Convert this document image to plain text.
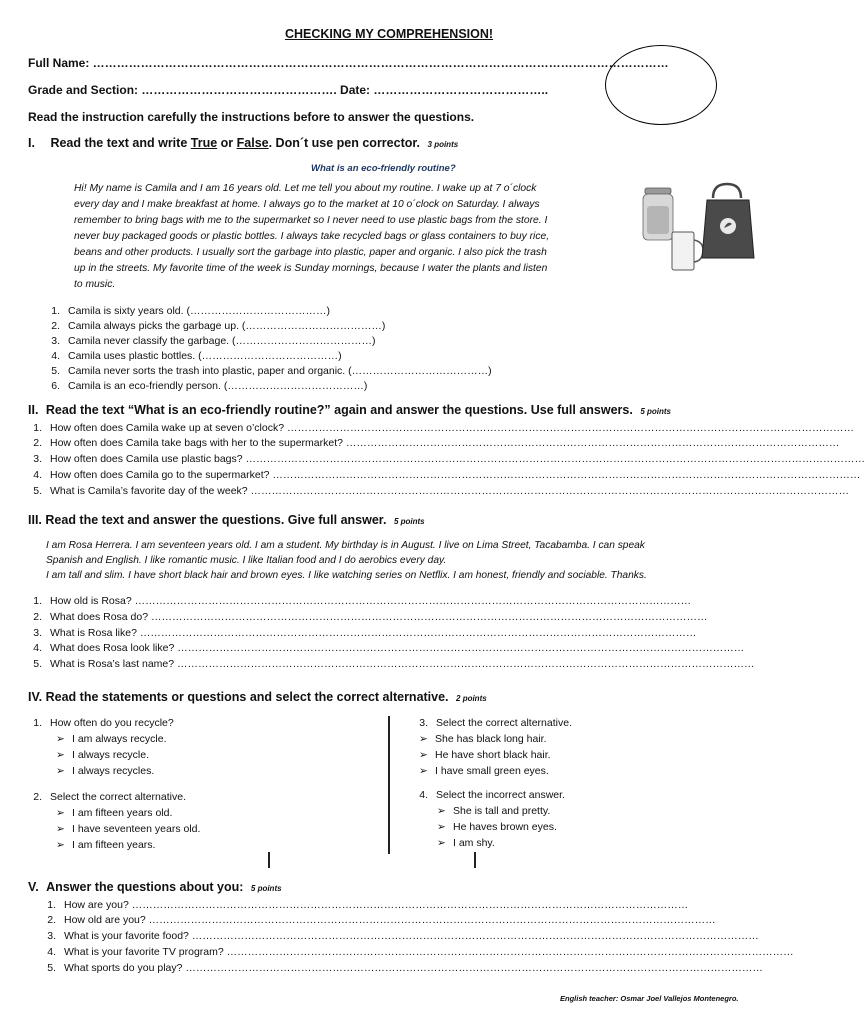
CHECKING MY COMPREHENSION!
Full Name: ………………………………………………………………………………………………………………………………
Grade and Section: …………………………………………. Date: ……………………………………..
Read the instruction carefully the instructions before to answer the questions.
I. Read the text and write True or False. Don´t use pen corrector. 3 points
What is an eco-friendly routine?
Hi! My name is Camila and I am 16 years old. Let me tell you about my routine. I wake up at 7 o´clock
every day and I make breakfast at home. I always go to the market at 10 o´clock on Saturday. I always
remember to bring bags with me to the supermarket so I never need to use plastic bags from the store. I
never buy packaged goods or plastic bottles. I always take recycled bags or glass containers to buy rice,
beans and other products. I usually sort the garbage into plastic, paper and organic. I also pick the trash
up in the streets. My favorite time of the week is Sunday mornings, because I water the plants and listen
to music.
1. Camila is sixty years old. (…………………………………)
2. Camila always picks the garbage up. (…………………………………)
3. Camila never classify the garbage. (…………………………………)
4. Camila uses plastic bottles. (…………………………………)
5. Camila never sorts the trash into plastic, paper and organic. (…………………………………)
6. Camila is an eco-friendly person. (…………………………………)
II. Read the text “What is an eco-friendly routine?” again and answer the questions. Use full answers. 5 points
1. How often does Camila wake up at seven o’clock? ………………………………………………………………………………………………………………………………………………
2. How often does Camila take bags with her to the supermarket? ……………………………………………………………………………………………………………………………
3. How often does Camila use plastic bags? ……………………………………………………………………………………………………………………………………………………………
4. How often does Camila go to the supermarket? ……………………………………………………………………………………………………………………………………………………
5. What is Camila’s favorite day of the week? ………………………………………………………………………………………………………………………………………………………
III. Read the text and answer the questions. Give full answer. 5 points
I am Rosa Herrera. I am seventeen years old. I am a student. My birthday is in August. I live on Lima Street, Tacabamba. I can speak
Spanish and English. I like romantic music. I like Italian food and I do aerobics every day.
I am tall and slim. I have short black hair and brown eyes. I like watching series on Netflix. I am honest, friendly and sociable. Thanks.
1. How old is Rosa? ……………………………………………………………………………………………………………………………………………
2. What does Rosa do? ……………………………………………………………………………………………………………………………………………
3. What is Rosa like? ……………………………………………………………………………………………………………………………………………
4. What does Rosa look like? ………………………………………………………………………………………………………………………………………………
5. What is Rosa’s last name? …………………………………………………………………………………………………………………………………………………
IV. Read the statements or questions and select the correct alternative. 2 points
1. How often do you recycle?
➢ I am always recycle.
➢ I always recycle.
➢ I always recycles.
2. Select the correct alternative.
➢ I am fifteen years old.
➢ I have seventeen years old.
➢ I am fifteen years.
3. Select the correct alternative.
➢ She has black long hair.
➢ He have short black hair.
➢ I have small green eyes.
4. Select the incorrect answer.
➢ She is tall and pretty.
➢ He haves brown eyes.
➢ I am shy.
V. Answer the questions about you: 5 points
1. How are you? ……………………………………………………………………………………………………………………………………………
2. How old are you? ………………………………………………………………………………………………………………………………………………
3. What is your favorite food? ………………………………………………………………………………………………………………………………………………
4. What is your favorite TV program? ………………………………………………………………………………………………………………………………………………
5. What sports do you play? …………………………………………………………………………………………………………………………………………………
English teacher: Osmar Joel Vallejos Montenegro.
